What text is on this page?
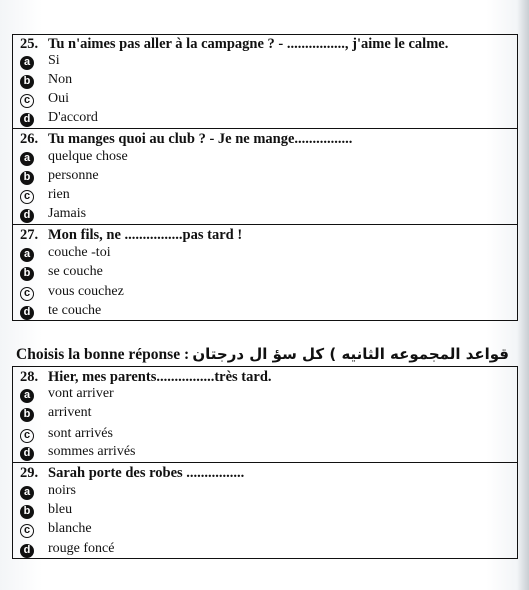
25. Tu n'aimes pas aller à la campagne ? - ................, j'aime le calme.
a Si
b Non
c Oui
d D'accord
26. Tu manges quoi au club ? - Je ne mange................
a quelque chose
b personne
c rien
d Jamais
27. Mon fils, ne ................pas tard !
a couche -toi
b se couche
c vous couchez
d te couche
Choisis la bonne réponse : قواعد المجموعه الثانيه ) كل سؤ ال درجتان
28. Hier, mes parents................très tard.
a vont arriver
b arrivent
c sont arrivés
d sommes arrivés
29. Sarah porte des robes ................
a noirs
b bleu
c blanche
d rouge foncé
